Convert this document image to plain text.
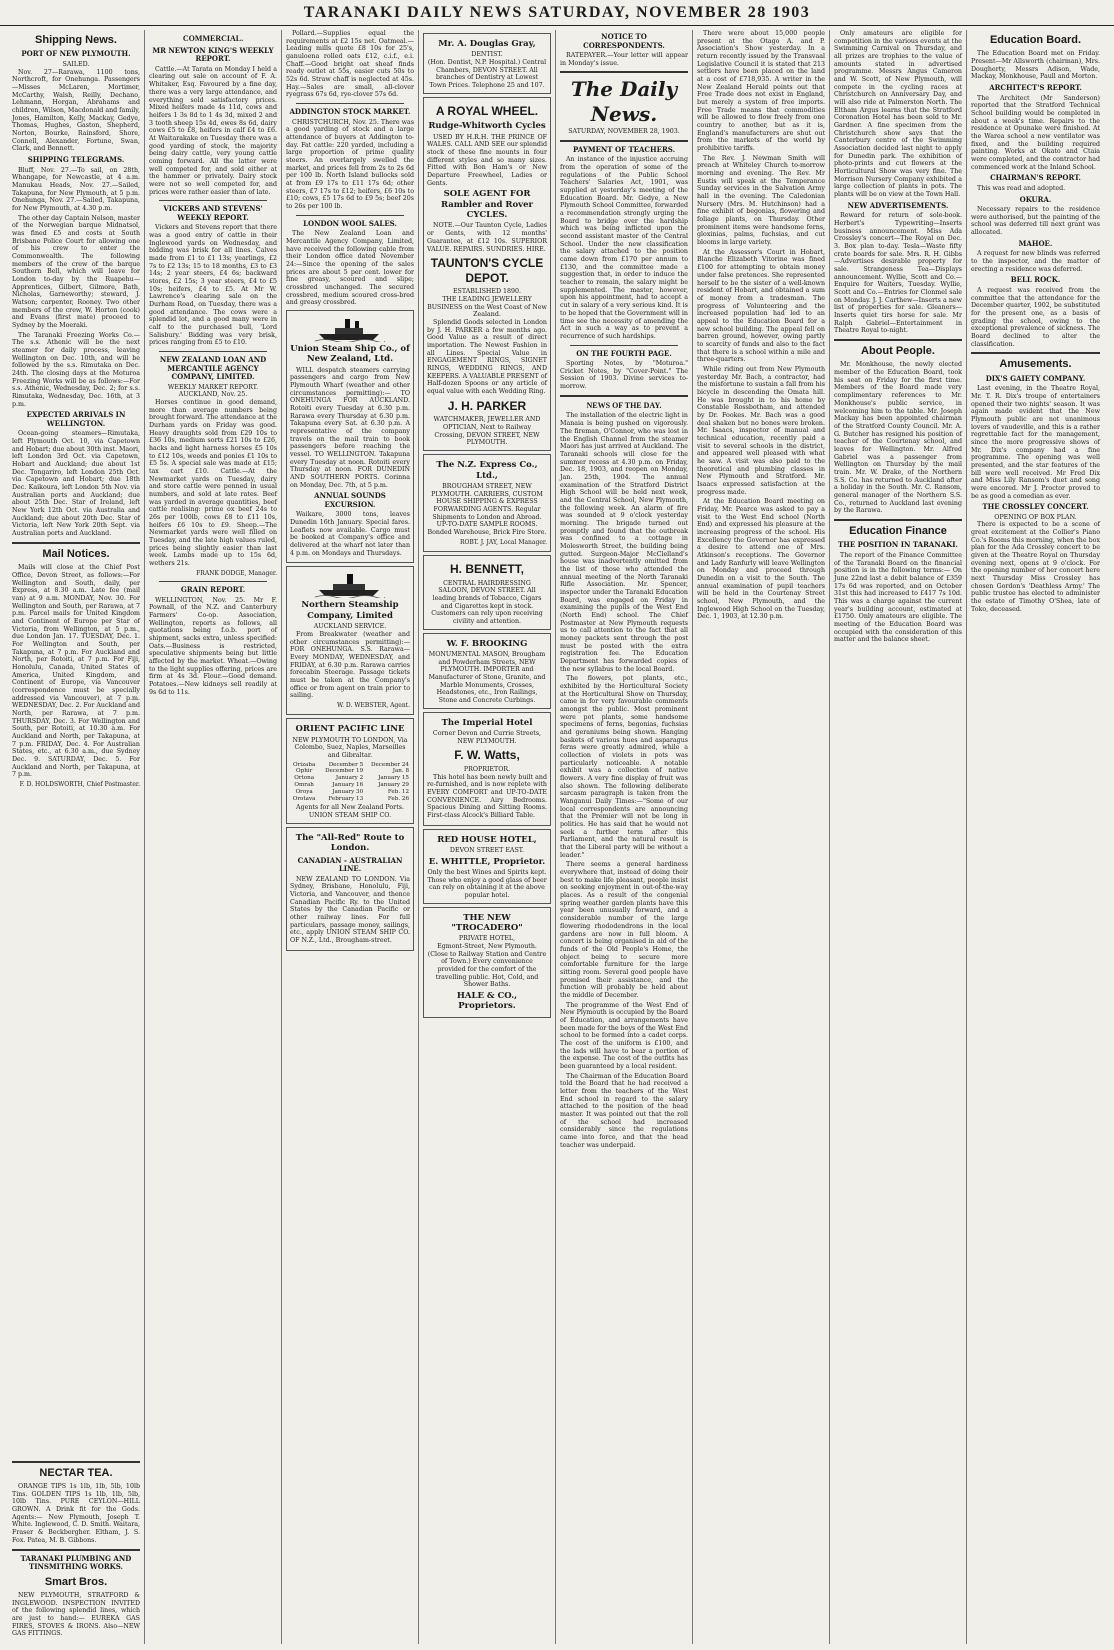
TARANAKI DAILY NEWS SATURDAY, NOVEMBER 28 1903
Shipping News.
PORT OF NEW PLYMOUTH.
SAILED.
Nov. 27—Rarawa, 1100 tons, Northcroft, for Onehunga. Passengers—Misses McLaren, Mortimer, McCarthy, Walsh, Reilly, Dechano, Lehmann, Horgan, Abrahams and children, Wilson, Macdonald and family, Jones, Hamilton, Kelly, Mackay, Gedye, Thomas, Hughes, Gaston, Shepherd, Norton, Bourke, Rainsford, Shore, Connell, Alexander, Fortune, Swan, Clark, and Bennett.
SHIPPING TELEGRAMS.
Bluff, Nov. 27.—To sail, on 28th, Whangape, for Newcastle, at 4 a.m. Manukau Heads, Nov. 27.—Sailed, Takapuna, for New Plymouth, at 5 p.m. Onehunga, Nov. 27.—Sailed, Takapuna, for New Plymouth, at 4.30 p.m.
The other day Captain Nelson, master of the Norwegian barque Midnatsol, was fined £5 and costs at South Brisbane Police Court for allowing one of his crew to enter the Commonwealth. The following members of the crew of the barque Southern Bell, which will leave for London to-day by the Ruapehu—Apprentices, Gilbert, Gilmore, Bath, Nicholas, Garneworthy; steward, J. Watson; carpenter, Rooney. Two other members of the crew, W. Horton (cook) and Evans (first mate) proceed to Sydney by the Moeraki.
The Taranaki Freezing Works Co.—The s.s. Athenic will be the next steamer for daily process, leaving Wellington on Dec. 10th, and will be followed by the s.s. Rimutaka on Dec. 24th. The closing days at the Moturoa Freezing Works will be as follows:—For s.s. Athenic, Wednesday, Dec. 2; for s.s. Rimutaka, Wednesday, Dec. 16th, at 3 p.m.
EXPECTED ARRIVALS IN WELLINGTON.
Ocean-going steamers—Rimutaka, left Plymouth Oct. 10, via Capetown and Hobart; due about 30th inst. Maori, left London 3rd Oct. via Capetown, Hobart and Auckland; due about 1st Dec. Tongariro, left London 25th Oct. via Capetown and Hobart; due 18th Dec. Kaikoura, left London 5th Nov. via Australian ports and Auckland; due about 25th Dec. Star of Ireland, left New York 12th Oct. via Australia and Auckland; due about 20th Dec. Star of Victoria, left New York 20th Sept. via Australian ports and Auckland.
Mail Notices.
Mails will close at the Chief Post Office, Devon Street, as follows:—For Wellington and South, daily, per Express, at 8.30 a.m. Late fee (mail van) at 9 a.m. MONDAY, Nov. 30. For Wellington and South, per Rarawa, at 7 p.m. Parcel mails for United Kingdom and Continent of Europe per Star of Victoria, from Wellington, at 5 p.m., due London Jan. 17. TUESDAY, Dec. 1. For Wellington and South, per Takapuna, at 7 p.m. For Auckland and North, per Rotoiti, at 7 p.m. For Fiji, Honolulu, Canada, United States of America, United Kingdom, and Continent of Europe, via Vancouver (correspondence must be specially addressed via Vancouver), at 7 p.m. WEDNESDAY, Dec. 2. For Auckland and North, per Rarawa, at 7 p.m. THURSDAY, Dec. 3. For Wellington and South, per Rotoiti, at 10.30 a.m. For Auckland and North, per Takapuna, at 7 p.m. FRIDAY, Dec. 4. For Australian States, etc., at 6.30 a.m., due Sydney Dec. 9. SATURDAY, Dec. 5. For Auckland and North, per Takapuna, at 7 p.m.
F. D. HOLDSWORTH, Chief Postmaster.
NECTAR TEA.
ORANGE TIPS 1s 1lb, 1lb, 5lb, 10lb Tins. GOLDEN TIPS 1s 1lb, 1lb, 5lb, 10lb Tins. PURE CEYLON—HILL GROWN. A Drink fit for the Gods. Agents:— New Plymouth, Joseph T. White. Inglewood, C. D. Smith. Waitara, Fraser & Beckbergher. Eltham, J. S. Fox. Patea, M. B. Gibbons.
TARANAKI PLUMBING AND TINSMITHING WORKS.
Smart Bros.
NEW PLYMOUTH, STRATFORD & INGLEWOOD. INSPECTION INVITED of the following splendid lines, which are just to hand:— EUREKA GAS FIRES, STOVES & IRONS. Also—NEW GAS FITTINGS.
COMMERCIAL.
MR NEWTON KING'S WEEKLY REPORT.
Cattle.—At Tarata on Monday I held a clearing out sale on account of F. A. Whitaker, Esq. Favoured by a fine day, there was a very large attendance, and everything sold satisfactory prices. Mixed heifers made 4s 11d, cows and heifers 1 3s 8d to 1 4s 3d, mixed 2 and 3 tooth sheep 15s 4d, ewes 8s 6d, dairy cows £5 to £8, heifers in calf £4 to £6. At Waitarakake on Tuesday there was a good yarding of stock, the majority being dairy cattle, very young cattle coming forward. All the latter were well competed for, and sold either at the hammer or privately. Dairy stock were not so well competed for, and prices were rather easier than of late.
VICKERS AND STEVENS' WEEKLY REPORT.
Vickers and Stevens report that there was a good entry of cattle in their Inglewood yards on Wednesday, and bidding was brisk for all lines. Calves made from £1 to £1 13s; yearlings, £2 7s to £2 13s; 15 to 18 months, £3 to £3 14s; 2 year steers, £4 6s; backward stores, £2 15s; 3 year steers, £4 to £5 10s; heifers, £4 to £5. At Mr W. Lawrence's clearing sale on the Durham Road, on Tuesday, there was a good attendance. The cows were a splendid lot, and a good many were in calf to the purchased bull, 'Lord Salisbury.' Bidding was very brisk, prices ranging from £5 to £10.
NEW ZEALAND LOAN AND MERCANTILE AGENCY COMPANY, LIMITED.
WEEKLY MARKET REPORT.
AUCKLAND, Nov. 25.
Horses continue in good demand, more than average numbers being brought forward. The attendance at the Durham yards on Friday was good. Heavy draughts sold from £29 10s to £36 10s, medium sorts £21 10s to £26, hacks and light harness horses £5 10s to £12 10s, weeds and ponies £1 10s to £5 5s. A special sale was made at £15; tax cart £10. Cattle.—At the Newmarket yards on Tuesday, dairy and store cattle were penned in usual numbers, and sold at late rates. Beef was yarded in average quantities, beef cattle realising: prime ox beef 24s to 26s per 100lb, cows £8 to £11 10s, heifers £6 10s to £9. Sheep.—The Newmarket yards were well filled on Tuesday, and the late high values ruled, prices being slightly easier than last week. Lambs made up to 15s 6d, wethers 21s.
FRANK DODGE, Manager.
GRAIN REPORT.
WELLINGTON, Nov. 25. Mr F. Pownall, of the N.Z. and Canterbury Farmers' Co-op. Association, Wellington, reports as follows, all quotations being f.o.b. port of shipment, sacks extra, unless specified: Oats.—Business is restricted, speculative shipments being but little affected by the market. Wheat.—Owing to the light supplies offering, prices are firm at 4s 3d. Flour.—Good demand. Potatoes.—New kidneys sell readily at 9s 6d to 11s.
Pollard.—Supplies equal the requirements at £2 15s net. Oatmeal.—Leading mills quote £8 10s for 25's, ganuloena rolled oats £12, c.i.f., e.i. Chaff.—Good bright oat sheaf finds ready outlet at 55s, easier cuts 50s to 52s 6d. Straw chaff is neglected at 45s. Hay.—Sales are small, all-clover ryegrass 67s 6d, rye-clover 57s 6d.
ADDINGTON STOCK MARKET.
CHRISTCHURCH, Nov. 25. There was a good yarding of stock and a large attendance of buyers at Addington to-day. Fat cattle: 220 yarded, including a large proportion of prime quality steers. An overlargely swelled the market, and prices fell from 2s to 2s 6d per 100 lb. North Island bullocks sold at from £9 17s to £11 17s 6d; other steers, £7 17s to £12; heifers, £6 10s to £10; cows, £5 17s 6d to £9 5s; beef 20s to 26s per 100 lb.
LONDON WOOL SALES.
The New Zealand Loan and Mercantile Agency Company, Limited, have received the following cable from their London office dated November 24:—Since the opening of the sales prices are about 5 per cent. lower for fine greasy, scoured and slipe; crossbred unchanged. The secured crossbred, medium scoured cross-bred and greasy crossbred.
Union Steam Ship Co., of New Zealand, Ltd.
WILL despatch steamers carrying passengers and cargo from New Plymouth Wharf (weather and other circumstances permitting):— TO ONEHUNGA FOR AUCKLAND. Rotoiti every Tuesday at 6.30 p.m. Rarawa every Thursday at 6.30 p.m. Takapuna every Sat. at 6.30 p.m. A representative of the company travels on the mail train to book passengers before reaching the vessel. TO WELLINGTON. Takapuna every Tuesday at noon. Rotoiti every Thursday at noon. FOR DUNEDIN AND SOUTHERN PORTS. Corinna on Monday, Dec. 7th, at 5 p.m.
ANNUAL SOUNDS EXCURSION.
Waikare, 3000 tons, leaves Dunedin 16th January. Special fares. Leaflets now available. Cargo must be booked at Company's office and delivered at the wharf not later than 4 p.m. on Mondays and Thursdays.
Northern Steamship Company, Limited
AUCKLAND SERVICE.
From Breakwater (weather and other circumstances permitting):— FOR ONEHUNGA. S.S. Rarawa— Every MONDAY, WEDNESDAY, and FRIDAY, at 6.30 p.m. Rarawa carries forecabin Steerage. Passage tickets must be taken at the Company's office or from agent on train prior to sailing.
W. D. WEBSTER, Agent.
ORIENT PACIFIC LINE
NEW PLYMOUTH TO LONDON, Via Colombo, Suez, Naples, Marseilles and Gibraltar.
Orizaba	December 5	December 24
Ophir	December 19	Jan. 8
Ortona	January 2	January 15
Omrah	January 16	January 29
Oroya	January 30	Feb. 12
Orotava	February 13	Feb. 26
Agents for all New Zealand Ports. UNION STEAM SHIP CO.
The "All-Red" Route to London.
CANADIAN - AUSTRALIAN LINE.
NEW ZEALAND TO LONDON. Via Sydney, Brisbane, Honolulu, Fiji, Victoria, and Vancouver, and thence Canadian Pacific Ry. to the United States by the Canadian Pacific or other railway lines. For full particulars, passage money, sailings, etc., apply UNION STEAM SHIP CO. OF N.Z., Ltd., Brougham-street.
Mr. A. Douglas Gray,
DENTIST.
(Hon. Dentist, N.P. Hospital.) Central Chambers, DEVON STREET. All branches of Dentistry at Lowest Town Prices. Telephone 25 and 107.
A ROYAL WHEEL.
Rudge-Whitworth Cycles
USED BY H.R.H. THE PRINCE OF WALES. CALL AND SEE our splendid stock of these fine mounts in four different styles and so many sizes. Fitted with Bon Ham's or New Departure Freewheel, Ladies or Gents.
SOLE AGENT FOR Rambler and Rover CYCLES.
NOTE.—Our Taunton Cycle, Ladies or Gents, with 12 months' Guarantee, at £12 10s. SUPERIOR VALUE. REPAIRS. SUNDRIES. HIRE.
TAUNTON'S CYCLE DEPOT.
ESTABLISHED 1890.
THE LEADING JEWELLERY BUSINESS on the West Coast of New Zealand.
Splendid Goods selected in London by J. H. PARKER a few months ago. Good Value as a result of direct importation. The Newest Fashion in all Lines. Special Value in ENGAGEMENT RINGS, SIGNET RINGS, WEDDING RINGS, AND KEEPERS. A VALUABLE PRESENT of Half-dozen Spoons or any article of equal value with each Wedding Ring.
J. H. PARKER
WATCHMAKER, JEWELLER AND OPTICIAN, Next to Railway Crossing, DEVON STREET, NEW PLYMOUTH.
The N.Z. Express Co., Ltd.,
BROUGHAM STREET, NEW PLYMOUTH. CARRIERS, CUSTOM HOUSE SHIPPING & EXPRESS FORWARDING AGENTS. Regular Shipments to London and Abroad. UP-TO-DATE SAMPLE ROOMS. Bonded Warehouse, Brick Fire Store.
ROBT. J. JAY, Local Manager.
H. BENNETT,
CENTRAL HAIRDRESSING SALOON, DEVON STREET. All leading brands of Tobacco, Cigars and Cigarettes kept in stock. Customers can rely upon receiving civility and attention.
W. F. BROOKING
MONUMENTAL MASON, Brougham and Powderham Streets, NEW PLYMOUTH. IMPORTER and Manufacturer of Stone, Granite, and Marble Monuments, Crosses, Headstones, etc., Iron Railings, Stone and Concrete Curbings.
The Imperial Hotel
Corner Devon and Currie Streets, NEW PLYMOUTH.
F. W. Watts,
PROPRIETOR.
This hotel has been newly built and re-furnished, and is now replete with EVERY COMFORT and UP-TO-DATE CONVENIENCE. Airy Bedrooms. Spacious Dining and Sitting Rooms. First-class Alcock's Billiard Table.
RED HOUSE HOTEL,
DEVON STREET EAST.
E. WHITTLE, Proprietor.
Only the best Wines and Spirits kept. Those who enjoy a good glass of beer can rely on obtaining it at the above popular hotel.
THE NEW "TROCADERO"
PRIVATE HOTEL,
Egmont-Street, New Plymouth. (Close to Railway Station and Centre of Town.) Every convenience provided for the comfort of the travelling public. Hot, Cold, and Shower Baths.
HALE & CO., Proprietors.
NOTICE TO CORRESPONDENTS.
RATEPAYER.—Your letter will appear in Monday's issue.
The Daily News.
SATURDAY, NOVEMBER 28, 1903.
PAYMENT OF TEACHERS.
An instance of the injustice accruing from the operation of some of the regulations of the Public School Teachers' Salaries Act, 1901, was supplied at yesterday's meeting of the Education Board. Mr. Gedye, a New Plymouth School Committee, forwarded a recommendation strongly urging the Board to bridge over the hardship which was being inflicted upon the second assistant master of the Central School. Under the new classification the salary attached to the position came down from £170 per annum to £130, and the committee made a suggestion that, in order to induce the teacher to remain, the salary might be supplemented. The master, however, upon his appointment, had to accept a cut in salary of a very serious kind. It is to be hoped that the Government will in time see the necessity of amending the Act in such a way as to prevent a recurrence of such hardships.
ON THE FOURTH PAGE.
Sporting Notes, by "Moturoa." Cricket Notes, by "Cover-Point." The Session of 1903. Divine services to-morrow.
NEWS OF THE DAY.
The installation of the electric light in Manaia is being pushed on vigorously. The fireman, O'Connor, who was lost in the English Channel from the steamer Maori has just arrived at Auckland. The Taranaki schools will close for the summer recess at 4.30 p.m. on Friday, Dec. 18, 1903, and reopen on Monday, Jan. 25th, 1904. The annual examination of the Stratford District High School will be held next week, and the Central School, New Plymouth, the following week. An alarm of fire was sounded at 9 o'clock yesterday morning. The brigade turned out promptly and found that the outbreak was confined to a cottage in Molesworth Street, the building being gutted. Surgeon-Major McClelland's house was inadvertently omitted from the list of those who attended the annual meeting of the North Taranaki Rifle Association. Mr. Spencer, inspector under the Taranaki Education Board, was engaged on Friday in examining the pupils of the West End (North End) school. The Chief Postmaster at New Plymouth requests us to call attention to the fact that all money packets sent through the post must be posted with the extra registration fee. The Education Department has forwarded copies of the new syllabus to the local Board.
The flowers, pot plants, etc., exhibited by the Horticultural Society at the Horticultural Show on Thursday, came in for very favourable comments amongst the public. Most prominent were pot plants, some handsome specimens of ferns, begonias, fuchsias and geraniums being shown. Hanging baskets of various hues and asparagus ferns were greatly admired, while a collection of violets in pots was particularly noticeable. A notable exhibit was a collection of native flowers. A very fine display of fruit was also shown. The following deliberate sarcasm paragraph is taken from the Wanganui Daily Times:—"Some of our local correspondents are announcing that the Premier will not be long in politics. He has said that he would not seek a further term after this Parliament, and the natural result is that the Liberal party will be without a leader."
There seems a general hardiness everywhere that, instead of doing their best to make life pleasant, people insist on seeking enjoyment in out-of-the-way places. As a result of the congenial spring weather garden plants have this year been unusually forward, and a considerable number of the large flowering rhododendrons in the local gardens are now in full bloom. A concert is being organised in aid of the funds of the Old People's Home, the object being to secure more comfortable furniture for the large sitting room. Several good people have promised their assistance, and the function will probably be held about the middle of December.
The programme of the West End of New Plymouth is occupied by the Board of Education, and arrangements have been made for the boys of the West End school to be formed into a cadet corps. The cost of the uniform is £100, and the lads will have to bear a portion of the expense. The cost of the outfits has been guaranteed by a local resident.
The Chairman of the Education Board told the Board that he had received a letter from the teachers of the West End school in regard to the salary attached to the position of the head master. It was pointed out that the roll of the school had increased considerably since the regulations came into force, and that the head teacher was underpaid.
There were about 15,000 people present at the Otago A. and P. Association's Show yesterday. In a return recently issued by the Transvaal Legislative Council it is stated that 213 settlers have been placed on the land at a cost of £718,935. A writer in the New Zealand Herald points out that Free Trade does not exist in England, but merely a system of free imports. Free Trade means that commodities will be allowed to flow freely from one country to another, but as it is, England's manufacturers are shut out from the markets of the world by prohibitive tariffs.
The Rev. J. Newman Smith will preach at Whiteley Church to-morrow morning and evening. The Rev. Mr Eustis will speak at the Temperance Sunday services in the Salvation Army hall in the evening. The Caledonian Nursery (Mrs. M. Hutchinson) had a fine exhibit of begonias, flowering and foliage plants, on Thursday. Other prominent items were handsome ferns, gloxinias, palms, fuchsias, and cut blooms in large variety.
At the Assessor's Court in Hobart, Blanche Elizabeth Vitorine was fined £100 for attempting to obtain money under false pretences. She represented herself to be the sister of a well-known resident of Hobart, and obtained a sum of money from a tradesman. The progress of Volunteering and the increased population had led to an appeal to the Education Board for a new school building. The appeal fell on barren ground, however, owing partly to scarcity of funds and also to the fact that there is a school within a mile and three-quarters.
While riding out from New Plymouth yesterday Mr. Bach, a contractor, had the misfortune to sustain a fall from his bicycle in descending the Omata hill. He was brought in to his home by Constable Rossbotham, and attended by Dr. Fookes. Mr. Bach was a good deal shaken but no bones were broken. Mr. Isaacs, inspector of manual and technical education, recently paid a visit to several schools in the district, and appeared well pleased with what he saw. A visit was also paid to the theoretical and plumbing classes in New Plymouth and Stratford. Mr. Isaacs expressed satisfaction at the progress made.
At the Education Board meeting on Friday, Mr. Pearce was asked to pay a visit to the West End school (North End) and expressed his pleasure at the increasing progress of the school. His Excellency the Governor has expressed a desire to attend one of Mrs. Atkinson's receptions. The Governor and Lady Ranfurly will leave Wellington on Monday and proceed through Dunedin on a visit to the South. The annual examination of pupil teachers will be held in the Courtenay Street school, New Plymouth, and the Inglewood High School on the Tuesday, Dec. 1, 1903, at 12.30 p.m.
Only amateurs are eligible for competition in the various events at the Swimming Carnival on Thursday, and all prizes are trophies to the value of amounts stated in advertised programme. Messrs Angus Cameron and W. Scott, of New Plymouth, will compete in the cycling races at Christchurch on Anniversary Day, and will also ride at Palmerston North. The Eltham Argus learns that the Stratford Coronation Hotel has been sold to Mr. Gardner. A fine specimen from the Christchurch show says that the Canterbury centre of the Swimming Association decided last night to apply for Dunedin park. The exhibition of photo-prints and cut flowers at the Horticultural Show was very fine. The Morrison Nursery Company exhibited a large collection of plants in pots. The plants will be on view at the Town Hall.
NEW ADVERTISEMENTS.
Reward for return of sole-book. Herbert's Typewriting—Inserts business announcement. Miss Ada Crossley's concert—The Royal on Dec. 3. Box plan to-day. Tesla—Waste fifty crate boards for sale. Mrs. R. H. Gibbs—Advertises desirable property for sale. Strangeness Tea—Displays announcement. Wyllie, Scott and Co.—Enquire for Waiters, Tuesday. Wyllie, Scott and Co.—Entries for Clonmel sale on Monday. J. J. Carthew—Inserts a new list of properties for sale. Gleaners—Inserts quiet tirs horse for sale. Mr Ralph Gabriel—Entertainment in Theatre Royal to-night.
About People.
Mr. Monkhouse, the newly elected member of the Education Board, took his seat on Friday for the first time. Members of the Board made very complimentary references to Mr. Monkhouse's public service, in welcoming him to the table. Mr. Joseph Mackay has been appointed chairman of the Stratford County Council. Mr. A. G. Butcher has resigned his position of teacher of the Courtenay school, and leaves for Wellington. Mr. Alfred Gabriel was a passenger from Wellington on Thursday by the mail train. Mr. W. Drake, of the Northern S.S. Co. has returned to Auckland after a holiday in the South. Mr. C. Ransom, general manager of the Northern S.S. Co., returned to Auckland last evening by the Rarawa.
Education Finance
THE POSITION IN TARANAKI.
The report of the Finance Committee of the Taranaki Board on the financial position is in the following terms:— On June 22nd last a debit balance of £359 17s 6d was reported, and on October 31st this had increased to £417 7s 10d. This was a charge against the current year's building account, estimated at £1750. Only amateurs are eligible. The meeting of the Education Board was occupied with the consideration of this matter and the balance sheet.
Education Board.
The Education Board met on Friday. Present—Mr Allsworth (chairman), Mrs. Dougherty, Messrs Adison, Wade, Mackay, Monkhouse, Paull and Morton.
ARCHITECT'S REPORT.
The Architect (Mr Sanderson) reported that the Stratford Technical School building would be completed in about a week's time. Repairs to the residence at Opunake were finished. At the Warea school a new ventilator was fixed, and the building required painting. Works at Okato and Ctaia were completed, and the contractor had commenced work at the Inland School.
CHAIRMAN'S REPORT.
This was read and adopted.
OKURA.
Necessary repairs to the residence were authorised, but the painting of the school was deferred till next grant was allocated.
MAHOE.
A request for new blinds was referred to the inspector, and the matter of erecting a residence was deferred.
BELL ROCK.
A request was received from the committee that the attendance for the December quarter, 1902, be substituted for the present one, as a basis of grading the school, owing to the exceptional prevalence of sickness. The Board declined to alter the classification.
Amusements.
DIX'S GAIETY COMPANY.
Last evening, in the Theatre Royal, Mr. T. R. Dix's troupe of entertainers opened their two nights' season. It was again made evident that the New Plymouth public are not unanimous lovers of vaudeville, and this is a rather regrettable fact for the management, since the more progressive shows of Mr. Dix's company had a fine programme. The opening was well presented, and the star features of the bill were well received. Mr Fred Dix and Miss Lily Ransom's duet and song were encored. Mr J. Proctor proved to be as good a comedian as ever.
THE CROSSLEY CONCERT.
OPENING OF BOX PLAN.
There is expected to be a scene of great excitement at the Collier's Piano Co.'s Rooms this morning, when the box plan for the Ada Crossley concert to be given at the Theatre Royal on Thursday evening next, opens at 9 o'clock. For the opening number of her concert here next Thursday Miss Crossley has chosen Gordon's 'Deathless Army.' The public trustee has elected to administer the estate of Timothy O'Shea, late of Toko, deceased.
